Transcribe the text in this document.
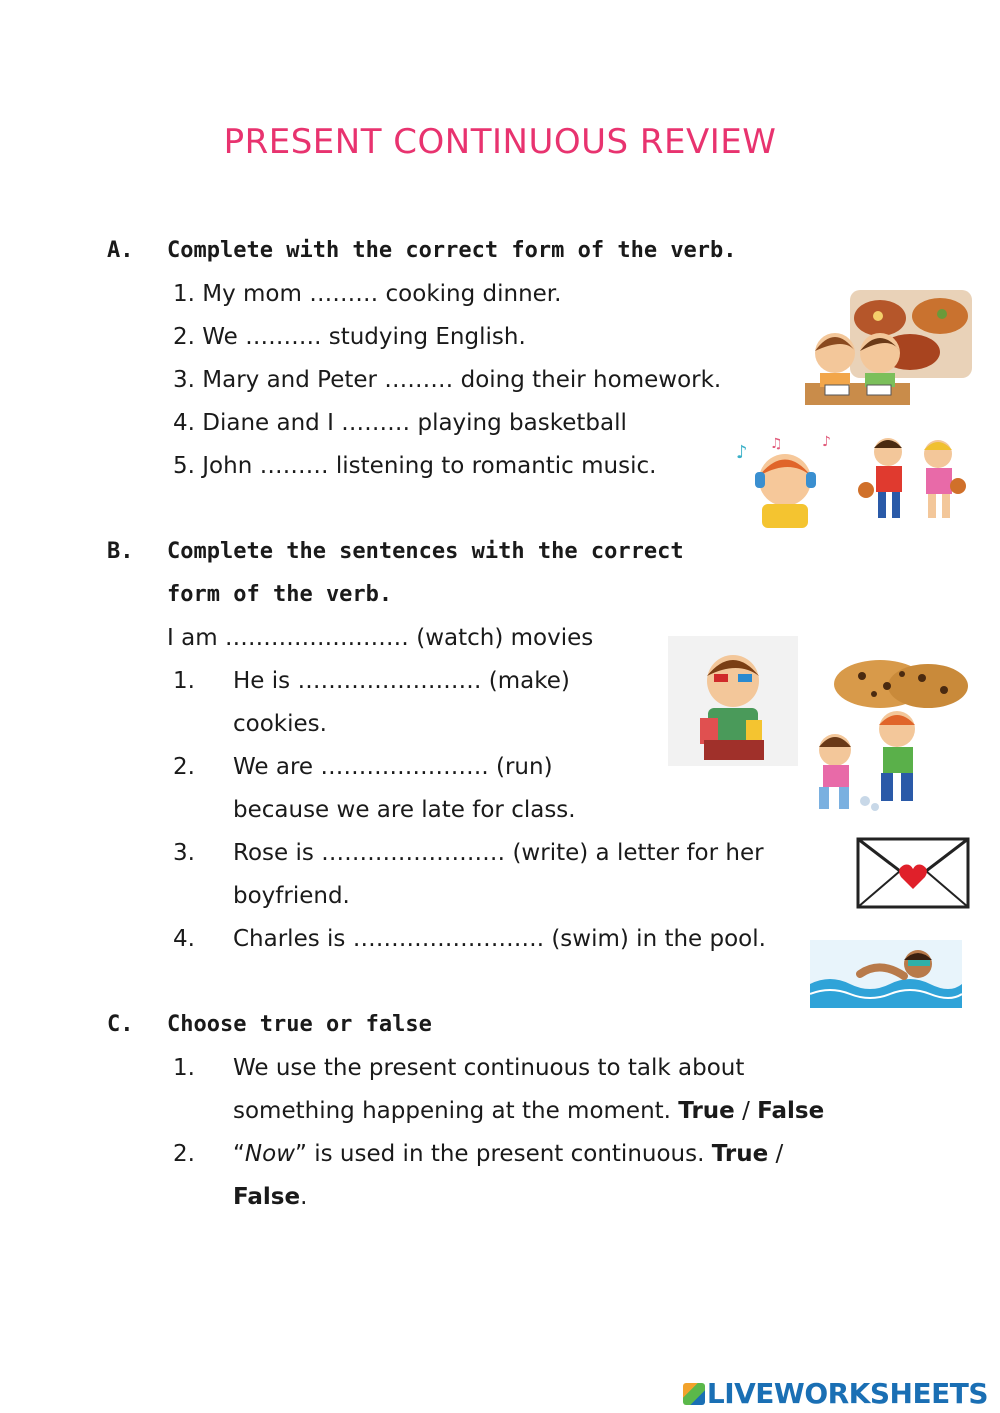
PRESENT CONTINUOUS REVIEW
A. Complete with the correct form of the verb.
1. My mom ……… cooking dinner.
2. We ………. studying English.
3. Mary and Peter ……… doing their homework.
4. Diane and I ……… playing basketball
5. John ……… listening to romantic music.
♪ ♫	♪
B. Complete the sentences with the correct
form of the verb.
I am …………………… (watch) movies
1. He is …………………… (make)
cookies.
2. We are …………………. (run)
because we are late for class.
3. Rose is …………………… (write) a letter for her
boyfriend.
4. Charles is ……………………. (swim) in the pool.
C. Choose true or false
1. We use the present continuous to talk about
something happening at the moment. True / False
2. “Now” is used in the present continuous. True /
False.
LIVEWORKSHEETS
